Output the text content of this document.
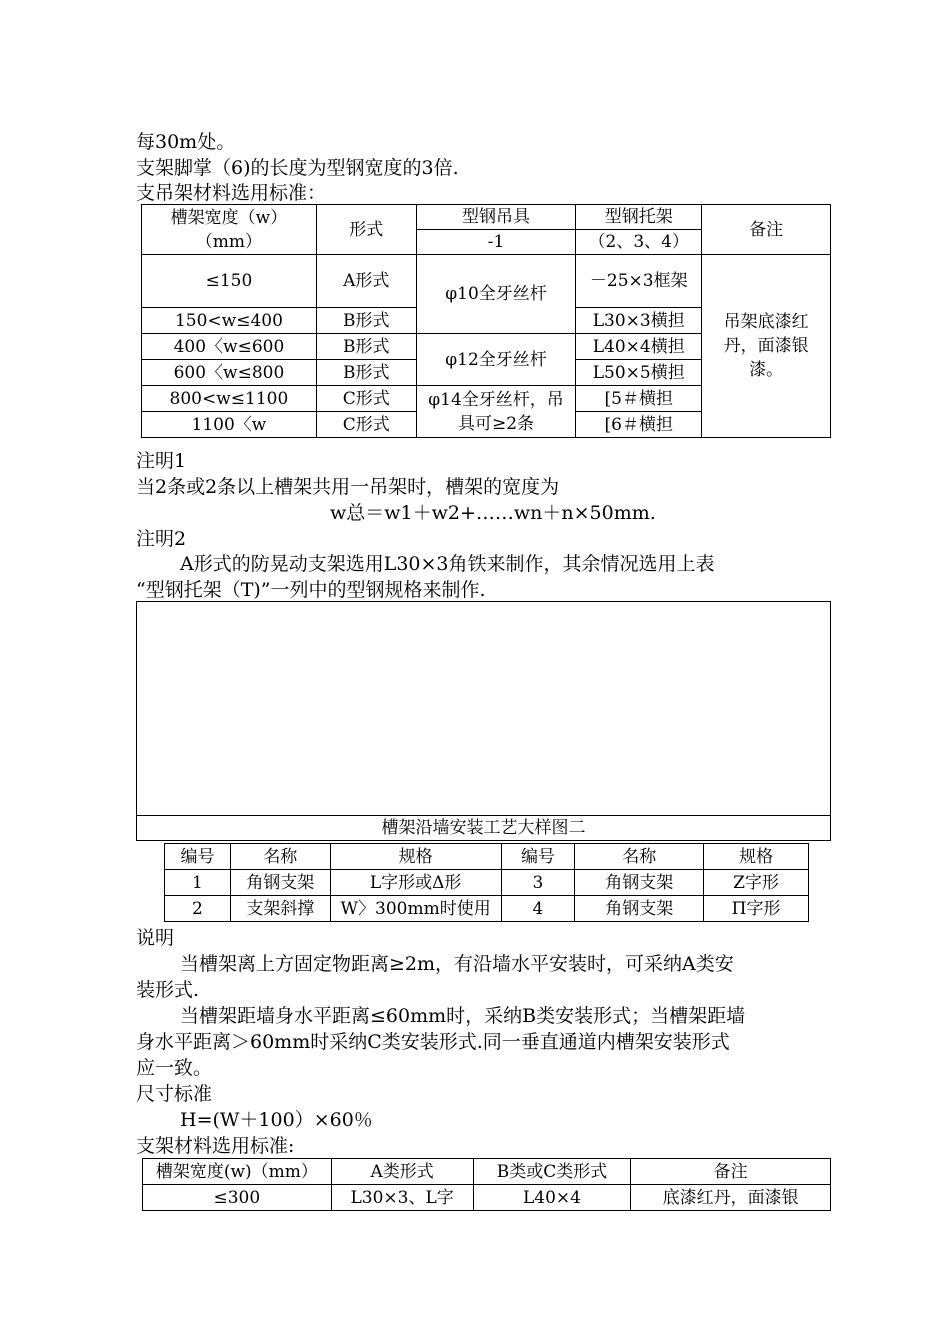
每30m处。
支架脚掌（6)的长度为型钢宽度的3倍.
支吊架材料选用标准：
槽架宽度（w）
（mm）	形式	型钢吊具	型钢托架	备注
		-1	（2、3、4）	
≤150	A形式	φ10全牙丝杆	－25×3框架	吊架底漆红丹，面漆银漆。
150<w≤400	B形式		L30×3横担	
400〈w≤600	B形式	φ12全牙丝杆	L40×4横担	
600〈w≤800	B形式		L50×5横担	
800<w≤1100	C形式	φ14全牙丝杆，吊具可≥2条	[5＃横担	
1100〈w	C形式		[6＃横担	
注明1
当2条或2条以上槽架共用一吊架时，槽架的宽度为
w总＝w1＋w2+……wn＋n×50mm.
注明2
A形式的防晃动支架选用L30×3角铁来制作，其余情况选用上表
“型钢托架（T)”一列中的型钢规格来制作.
槽架沿墙安装工艺大样图二
编号	名称	规格	编号	名称	规格
1	角钢支架	L字形或Δ形	3	角钢支架	Z字形
2	支架斜撑	W〉300mm时使用	4	角钢支架	Π字形
说明
当槽架离上方固定物距离≥2m，有沿墙水平安装时，可采纳A类安
装形式.
当槽架距墙身水平距离≤60mm时，采纳B类安装形式；当槽架距墙
身水平距离＞60mm时采纳C类安装形式.同一垂直通道内槽架安装形式
应一致。
尺寸标准
H=(W＋100）×60％
支架材料选用标准:
槽架宽度(w)（mm）	A类形式	B类或C类形式	备注
≤300	L30×3、L字	L40×4	底漆红丹，面漆银
